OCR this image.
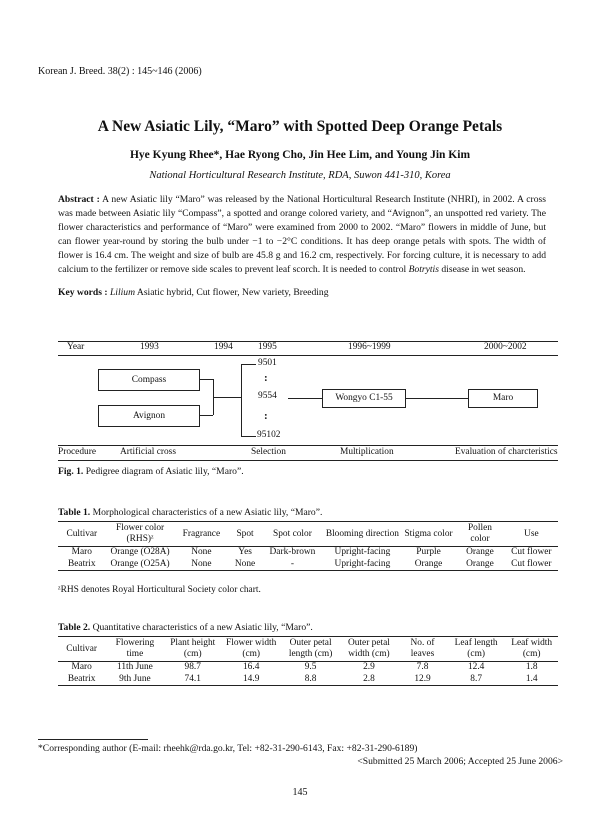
Korean J. Breed. 38(2) : 145~146 (2006)
A New Asiatic Lily, “Maro” with Spotted Deep Orange Petals
Hye Kyung Rhee*, Hae Ryong Cho, Jin Hee Lim, and Young Jin Kim
National Horticultural Research Institute, RDA, Suwon 441-310, Korea
Abstract : A new Asiatic lily “Maro” was released by the National Horticultural Research Institute (NHRI), in 2002. A cross was made between Asiatic lily “Compass”, a spotted and orange colored variety, and “Avignon”, an unspotted red variety. The flower characteristics and performance of “Maro” were examined from 2000 to 2002. “Maro” flowers in middle of June, but can flower year-round by storing the bulb under −1 to −2°C conditions. It has deep orange petals with spots. The width of flower is 16.4 cm. The weight and size of bulb are 45.8 g and 16.2 cm, respectively. For forcing culture, it is necessary to add calcium to the fertilizer or remove side scales to prevent leaf scorch. It is needed to control Botrytis disease in wet season.
Key words : Lilium Asiatic hybrid, Cut flower, New variety, Breeding
Year	1993	1994	1995	1996~1999	2000~2002
Compass
Avignon
9501
:
9554
:
95102
Wongyo C1-55	Maro
Procedure	Artificial cross	Selection	Multiplication	Evaluation of charcteristics
Fig. 1. Pedigree diagram of Asiatic lily, “Maro”.
Table 1. Morphological characteristics of a new Asiatic lily, “Maro”.
Cultivar	Flower color (RHS)ᶻ	Fragrance	Spot	Spot color	Blooming direction	Stigma color	Pollen color	Use
Maro	Orange (O28A)	None	Yes	Dark-brown	Upright-facing	Purple	Orange	Cut flower
Beatrix	Orange (O25A)	None	None	-	Upright-facing	Orange	Orange	Cut flower
ᶻRHS denotes Royal Horticultural Society color chart.
Table 2. Quantitative characteristics of a new Asiatic lily, “Maro”.
Cultivar	Flowering time	Plant height (cm)	Flower width (cm)	Outer petal length (cm)	Outer petal width (cm)	No. of leaves	Leaf length (cm)	Leaf width (cm)
Maro	11th June	98.7	16.4	9.5	2.9	7.8	12.4	1.8
Beatrix	9th June	74.1	14.9	8.8	2.8	12.9	8.7	1.4
*Corresponding author (E-mail: rheehk@rda.go.kr, Tel: +82-31-290-6143, Fax: +82-31-290-6189)
<Submitted 25 March 2006; Accepted 25 June 2006>
145
